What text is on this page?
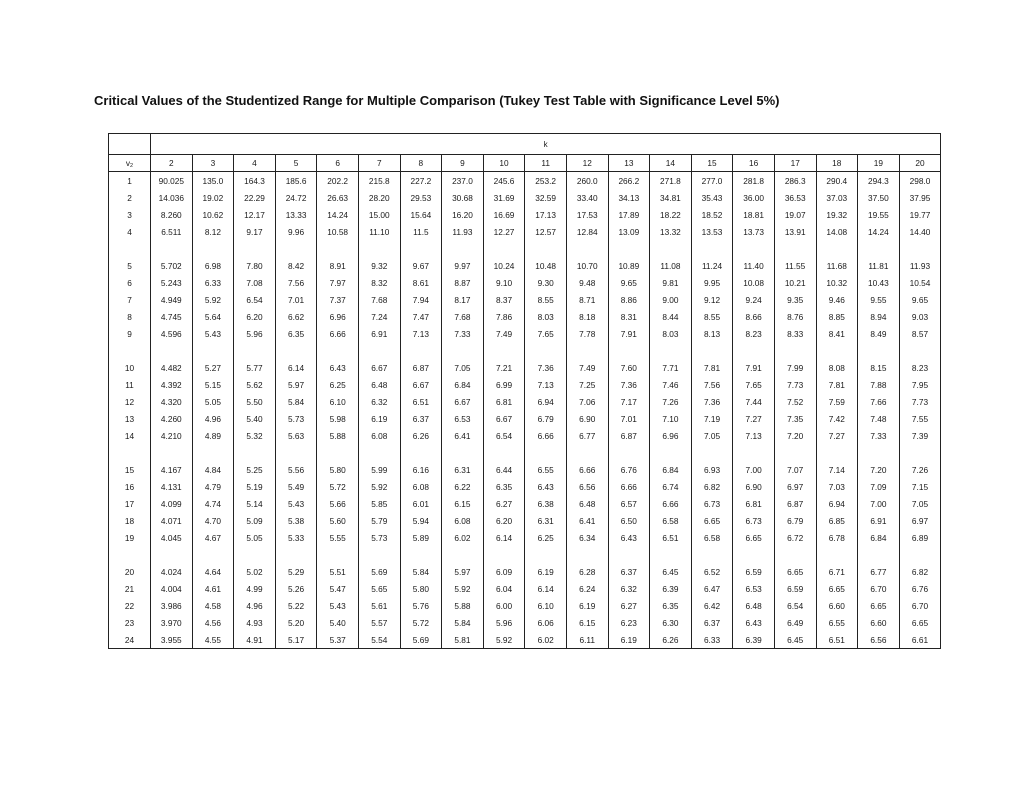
Critical Values of the Studentized Range for Multiple Comparison (Tukey Test Table with Significance Level 5%)
	k																		
v2	2	3	4	5	6	7	8	9	10	11	12	13	14	15	16	17	18	19	20
1	90.025	135.0	164.3	185.6	202.2	215.8	227.2	237.0	245.6	253.2	260.0	266.2	271.8	277.0	281.8	286.3	290.4	294.3	298.0
2	14.036	19.02	22.29	24.72	26.63	28.20	29.53	30.68	31.69	32.59	33.40	34.13	34.81	35.43	36.00	36.53	37.03	37.50	37.95
3	8.260	10.62	12.17	13.33	14.24	15.00	15.64	16.20	16.69	17.13	17.53	17.89	18.22	18.52	18.81	19.07	19.32	19.55	19.77
4	6.511	8.12	9.17	9.96	10.58	11.10	11.5	11.93	12.27	12.57	12.84	13.09	13.32	13.53	13.73	13.91	14.08	14.24	14.40

5	5.702	6.98	7.80	8.42	8.91	9.32	9.67	9.97	10.24	10.48	10.70	10.89	11.08	11.24	11.40	11.55	11.68	11.81	11.93
6	5.243	6.33	7.08	7.56	7.97	8.32	8.61	8.87	9.10	9.30	9.48	9.65	9.81	9.95	10.08	10.21	10.32	10.43	10.54
7	4.949	5.92	6.54	7.01	7.37	7.68	7.94	8.17	8.37	8.55	8.71	8.86	9.00	9.12	9.24	9.35	9.46	9.55	9.65
8	4.745	5.64	6.20	6.62	6.96	7.24	7.47	7.68	7.86	8.03	8.18	8.31	8.44	8.55	8.66	8.76	8.85	8.94	9.03
9	4.596	5.43	5.96	6.35	6.66	6.91	7.13	7.33	7.49	7.65	7.78	7.91	8.03	8.13	8.23	8.33	8.41	8.49	8.57

10	4.482	5.27	5.77	6.14	6.43	6.67	6.87	7.05	7.21	7.36	7.49	7.60	7.71	7.81	7.91	7.99	8.08	8.15	8.23
11	4.392	5.15	5.62	5.97	6.25	6.48	6.67	6.84	6.99	7.13	7.25	7.36	7.46	7.56	7.65	7.73	7.81	7.88	7.95
12	4.320	5.05	5.50	5.84	6.10	6.32	6.51	6.67	6.81	6.94	7.06	7.17	7.26	7.36	7.44	7.52	7.59	7.66	7.73
13	4.260	4.96	5.40	5.73	5.98	6.19	6.37	6.53	6.67	6.79	6.90	7.01	7.10	7.19	7.27	7.35	7.42	7.48	7.55
14	4.210	4.89	5.32	5.63	5.88	6.08	6.26	6.41	6.54	6.66	6.77	6.87	6.96	7.05	7.13	7.20	7.27	7.33	7.39

15	4.167	4.84	5.25	5.56	5.80	5.99	6.16	6.31	6.44	6.55	6.66	6.76	6.84	6.93	7.00	7.07	7.14	7.20	7.26
16	4.131	4.79	5.19	5.49	5.72	5.92	6.08	6.22	6.35	6.43	6.56	6.66	6.74	6.82	6.90	6.97	7.03	7.09	7.15
17	4.099	4.74	5.14	5.43	5.66	5.85	6.01	6.15	6.27	6.38	6.48	6.57	6.66	6.73	6.81	6.87	6.94	7.00	7.05
18	4.071	4.70	5.09	5.38	5.60	5.79	5.94	6.08	6.20	6.31	6.41	6.50	6.58	6.65	6.73	6.79	6.85	6.91	6.97
19	4.045	4.67	5.05	5.33	5.55	5.73	5.89	6.02	6.14	6.25	6.34	6.43	6.51	6.58	6.65	6.72	6.78	6.84	6.89

20	4.024	4.64	5.02	5.29	5.51	5.69	5.84	5.97	6.09	6.19	6.28	6.37	6.45	6.52	6.59	6.65	6.71	6.77	6.82
21	4.004	4.61	4.99	5.26	5.47	5.65	5.80	5.92	6.04	6.14	6.24	6.32	6.39	6.47	6.53	6.59	6.65	6.70	6.76
22	3.986	4.58	4.96	5.22	5.43	5.61	5.76	5.88	6.00	6.10	6.19	6.27	6.35	6.42	6.48	6.54	6.60	6.65	6.70
23	3.970	4.56	4.93	5.20	5.40	5.57	5.72	5.84	5.96	6.06	6.15	6.23	6.30	6.37	6.43	6.49	6.55	6.60	6.65
24	3.955	4.55	4.91	5.17	5.37	5.54	5.69	5.81	5.92	6.02	6.11	6.19	6.26	6.33	6.39	6.45	6.51	6.56	6.61
